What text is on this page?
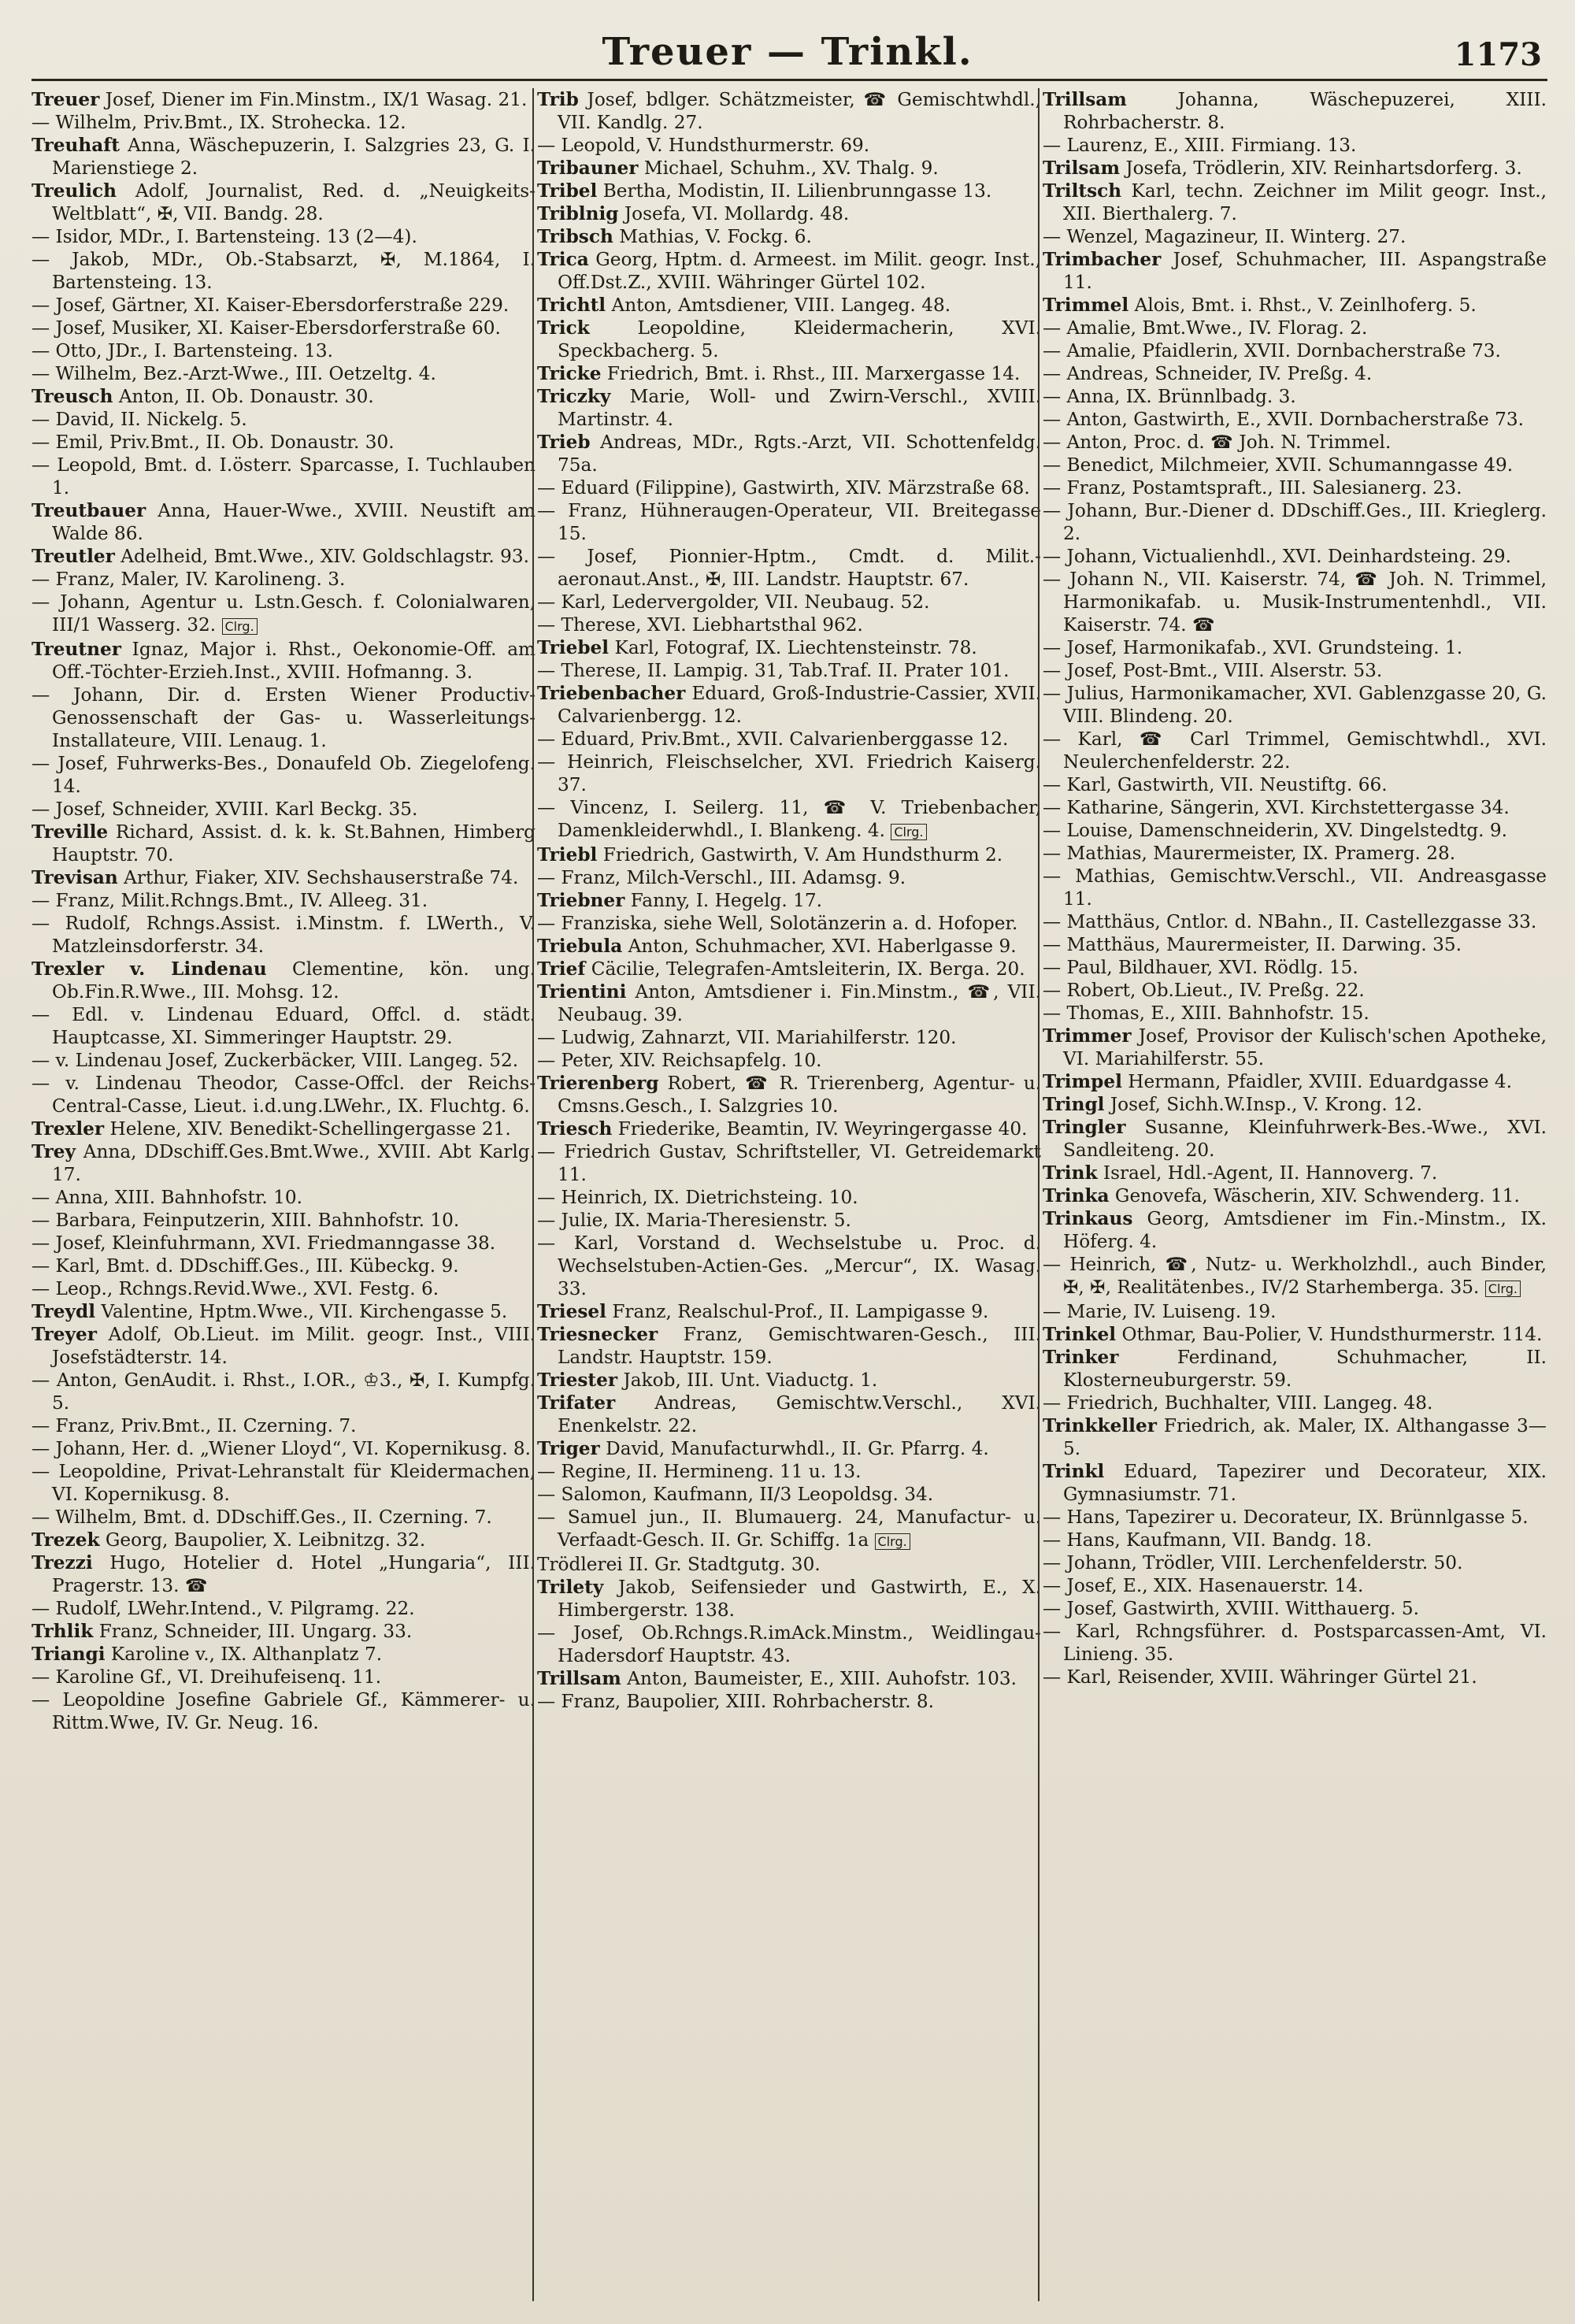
Treuer — Trinkl.	1173
Treuer Josef, Diener im Fin.Minstm., IX/1 Wasag. 21.
— Wilhelm, Priv.Bmt., IX. Strohecka. 12.
Treuhaft Anna, Wäschepuzerin, I. Salzgries 23, G. I. Marienstiege 2.
Treulich Adolf, Journalist, Red. d. „Neuigkeits-Weltblatt“, ✠, VII. Bandg. 28.
— Isidor, MDr., I. Bartensteing. 13 (2—4).
— Jakob, MDr., Ob.-Stabsarzt, ✠, M.1864, I. Bartensteing. 13.
— Josef, Gärtner, XI. Kaiser-Ebersdorferstraße 229.
— Josef, Musiker, XI. Kaiser-Ebersdorferstraße 60.
— Otto, JDr., I. Bartensteing. 13.
— Wilhelm, Bez.-Arzt-Wwe., III. Oetzeltg. 4.
Treusch Anton, II. Ob. Donaustr. 30.
— David, II. Nickelg. 5.
— Emil, Priv.Bmt., II. Ob. Donaustr. 30.
— Leopold, Bmt. d. I.österr. Sparcasse, I. Tuchlauben 1.
Treutbauer Anna, Hauer-Wwe., XVIII. Neustift am Walde 86.
Treutler Adelheid, Bmt.Wwe., XIV. Goldschlagstr. 93.
— Franz, Maler, IV. Karolineng. 3.
— Johann, Agentur u. Lstn.Gesch. f. Colonialwaren, III/1 Wasserg. 32. Clrg.
Treutner Ignaz, Major i. Rhst., Oekonomie-Off. am Off.-Töchter-Erzieh.Inst., XVIII. Hofmanng. 3.
— Johann, Dir. d. Ersten Wiener Productiv-Genossenschaft der Gas- u. Wasserleitungs-Installateure, VIII. Lenaug. 1.
— Josef, Fuhrwerks-Bes., Donaufeld Ob. Ziegelofeng. 14.
— Josef, Schneider, XVIII. Karl Beckg. 35.
Treville Richard, Assist. d. k. k. St.Bahnen, Himberg Hauptstr. 70.
Trevisan Arthur, Fiaker, XIV. Sechshauserstraße 74.
— Franz, Milit.Rchngs.Bmt., IV. Alleeg. 31.
— Rudolf, Rchngs.Assist. i.Minstm. f. LWerth., V. Matzleinsdorferstr. 34.
Trexler v. Lindenau Clementine, kön. ung. Ob.Fin.R.Wwe., III. Mohsg. 12.
— Edl. v. Lindenau Eduard, Offcl. d. städt. Hauptcasse, XI. Simmeringer Hauptstr. 29.
— v. Lindenau Josef, Zuckerbäcker, VIII. Langeg. 52.
— v. Lindenau Theodor, Casse-Offcl. der Reichs-Central-Casse, Lieut. i.d.ung.LWehr., IX. Fluchtg. 6.
Trexler Helene, XIV. Benedikt-Schellingergasse 21.
Trey Anna, DDschiff.Ges.Bmt.Wwe., XVIII. Abt Karlg. 17.
— Anna, XIII. Bahnhofstr. 10.
— Barbara, Feinputzerin, XIII. Bahnhofstr. 10.
— Josef, Kleinfuhrmann, XVI. Friedmanngasse 38.
— Karl, Bmt. d. DDschiff.Ges., III. Kübeckg. 9.
— Leop., Rchngs.Revid.Wwe., XVI. Festg. 6.
Treydl Valentine, Hptm.Wwe., VII. Kirchengasse 5.
Treyer Adolf, Ob.Lieut. im Milit. geogr. Inst., VIII. Josefstädterstr. 14.
— Anton, GenAudit. i. Rhst., I.OR., ♔3., ✠, I. Kumpfg. 5.
— Franz, Priv.Bmt., II. Czerning. 7.
— Johann, Her. d. „Wiener Lloyd“, VI. Kopernikusg. 8.
— Leopoldine, Privat-Lehranstalt für Kleidermachen, VI. Kopernikusg. 8.
— Wilhelm, Bmt. d. DDschiff.Ges., II. Czerning. 7.
Trezek Georg, Baupolier, X. Leibnitzg. 32.
Trezzi Hugo, Hotelier d. Hotel „Hungaria“, III. Pragerstr. 13. ☎
— Rudolf, LWehr.Intend., V. Pilgramg. 22.
Trhlik Franz, Schneider, III. Ungarg. 33.
Triangi Karoline v., IX. Althanplatz 7.
— Karoline Gf., VI. Dreihufeisenq. 11.
— Leopoldine Josefine Gabriele Gf., Kämmerer- u. Rittm.Wwe, IV. Gr. Neug. 16.
Trib Josef, bdlger. Schätzmeister, ☎ Gemischtwhdl., VII. Kandlg. 27.
— Leopold, V. Hundsthurmerstr. 69.
Tribauner Michael, Schuhm., XV. Thalg. 9.
Tribel Bertha, Modistin, II. Lilienbrunngasse 13.
Triblnig Josefa, VI. Mollardg. 48.
Tribsch Mathias, V. Fockg. 6.
Trica Georg, Hptm. d. Armeest. im Milit. geogr. Inst., Off.Dst.Z., XVIII. Währinger Gürtel 102.
Trichtl Anton, Amtsdiener, VIII. Langeg. 48.
Trick	Leopoldine, Kleidermacherin, XVI. Speckbacherg. 5.
Tricke Friedrich, Bmt. i. Rhst., III. Marxergasse 14.
Triczky Marie, Woll- und Zwirn-Verschl., XVIII. Martinstr. 4.
Trieb Andreas, MDr., Rgts.-Arzt, VII. Schottenfeldg. 75a.
— Eduard (Filippine), Gastwirth, XIV. Märzstraße 68.
— Franz, Hühneraugen-Operateur, VII. Breitegasse 15.
— Josef, Pionnier-Hptm., Cmdt. d. Milit.-aeronaut.Anst., ✠, III. Landstr. Hauptstr. 67.
— Karl, Ledervergolder, VII. Neubaug. 52.
— Therese, XVI. Liebhartsthal 962.
Triebel Karl, Fotograf, IX. Liechtensteinstr. 78.
— Therese, II. Lampig. 31, Tab.Traf. II. Prater 101.
Triebenbacher Eduard, Groß-Industrie-Cassier, XVII. Calvarienbergg. 12.
— Eduard, Priv.Bmt., XVII. Calvarienberggasse 12.
— Heinrich, Fleischselcher, XVI. Friedrich Kaiserg. 37.
— Vincenz, I. Seilerg. 11, ☎ V. Triebenbacher, Damenkleiderwhdl., I. Blankeng. 4. Clrg.
Triebl Friedrich, Gastwirth, V. Am Hundsthurm 2.
— Franz, Milch-Verschl., III. Adamsg. 9.
Triebner Fanny, I. Hegelg. 17.
— Franziska, siehe Well, Solotänzerin a. d. Hofoper.
Triebula Anton, Schuhmacher, XVI. Haberlgasse 9.
Trief Cäcilie, Telegrafen-Amtsleiterin, IX. Berga. 20.
Trientini Anton, Amtsdiener i. Fin.Minstm., ☎, VII. Neubaug. 39.
— Ludwig, Zahnarzt, VII. Mariahilferstr. 120.
— Peter, XIV. Reichsapfelg. 10.
Trierenberg Robert, ☎ R. Trierenberg, Agentur- u. Cmsns.Gesch., I. Salzgries 10.
Triesch Friederike, Beamtin, IV. Weyringergasse 40.
— Friedrich Gustav, Schriftsteller, VI. Getreidemarkt 11.
— Heinrich, IX. Dietrichsteing. 10.
— Julie, IX. Maria-Theresienstr. 5.
— Karl, Vorstand d. Wechselstube u. Proc. d. Wechselstuben-Actien-Ges. „Mercur“, IX. Wasag. 33.
Triesel Franz, Realschul-Prof., II. Lampigasse 9.
Triesnecker Franz, Gemischtwaren-Gesch., III. Landstr. Hauptstr. 159.
Triester Jakob, III. Unt. Viaductg. 1.
Trifater Andreas, Gemischtw.Verschl., XVI. Enenkelstr. 22.
Triger David, Manufacturwhdl., II. Gr. Pfarrg. 4.
— Regine, II. Hermineng. 11 u. 13.
— Salomon, Kaufmann, II/3 Leopoldsg. 34.
— Samuel jun., II. Blumauerg. 24, Manufactur- u. Verfaadt-Gesch. II. Gr. Schiffg. 1a Clrg.
Trödlerei II. Gr. Stadtgutg. 30.
Trilety Jakob, Seifensieder und Gastwirth, E., X. Himbergerstr. 138.
— Josef, Ob.Rchngs.R.imAck.Minstm., Weidlingau-Hadersdorf Hauptstr. 43.
Trillsam Anton, Baumeister, E., XIII. Auhofstr. 103.
— Franz, Baupolier, XIII. Rohrbacherstr. 8.
Trillsam	Johanna, Wäschepuzerei, XIII. Rohrbacherstr. 8.
— Laurenz, E., XIII. Firmiang. 13.
Trilsam Josefa, Trödlerin, XIV. Reinhartsdorferg. 3.
Triltsch Karl, techn. Zeichner im Milit geogr. Inst., XII. Bierthalerg. 7.
— Wenzel, Magazineur, II. Winterg. 27.
Trimbacher Josef, Schuhmacher, III. Aspangstraße 11.
Trimmel Alois, Bmt. i. Rhst., V. Zeinlhoferg. 5.
— Amalie, Bmt.Wwe., IV. Florag. 2.
— Amalie, Pfaidlerin, XVII. Dornbacherstraße 73.
— Andreas, Schneider, IV. Preßg. 4.
— Anna, IX. Brünnlbadg. 3.
— Anton, Gastwirth, E., XVII. Dornbacherstraße 73.
— Anton, Proc. d. ☎ Joh. N. Trimmel.
— Benedict, Milchmeier, XVII. Schumanngasse 49.
— Franz, Postamtspraft., III. Salesianerg. 23.
— Johann, Bur.-Diener d. DDschiff.Ges., III. Krieglerg. 2.
— Johann, Victualienhdl., XVI. Deinhardsteing. 29.
— Johann N., VII. Kaiserstr. 74, ☎ Joh. N. Trimmel, Harmonikafab. u. Musik-Instrumentenhdl., VII. Kaiserstr. 74. ☎
— Josef, Harmonikafab., XVI. Grundsteing. 1.
— Josef, Post-Bmt., VIII. Alserstr. 53.
— Julius, Harmonikamacher, XVI. Gablenzgasse 20, G. VIII. Blindeng. 20.
— Karl, ☎ Carl Trimmel, Gemischtwhdl., XVI. Neulerchenfelderstr. 22.
— Karl, Gastwirth, VII. Neustiftg. 66.
— Katharine, Sängerin, XVI. Kirchstettergasse 34.
— Louise, Damenschneiderin, XV. Dingelstedtg. 9.
— Mathias, Maurermeister, IX. Pramerg. 28.
— Mathias, Gemischtw.Verschl., VII. Andreasgasse 11.
— Matthäus, Cntlor. d. NBahn., II. Castellezgasse 33.
— Matthäus, Maurermeister, II. Darwing. 35.
— Paul, Bildhauer, XVI. Rödlg. 15.
— Robert, Ob.Lieut., IV. Preßg. 22.
— Thomas, E., XIII. Bahnhofstr. 15.
Trimmer Josef, Provisor der Kulisch'schen Apotheke, VI. Mariahilferstr. 55.
Trimpel Hermann, Pfaidler, XVIII. Eduardgasse 4.
Tringl Josef, Sichh.W.Insp., V. Krong. 12.
Tringler Susanne, Kleinfuhrwerk-Bes.-Wwe., XVI. Sandleiteng. 20.
Trink Israel, Hdl.-Agent, II. Hannoverg. 7.
Trinka Genovefa, Wäscherin, XIV. Schwenderg. 11.
Trinkaus Georg, Amtsdiener im Fin.-Minstm., IX. Höferg. 4.
— Heinrich, ☎, Nutz- u. Werkholzhdl., auch Binder, ✠, ✠, Realitätenbes., IV/2 Starhemberga. 35. Clrg.
— Marie, IV. Luiseng. 19.
Trinkel Othmar, Bau-Polier, V. Hundsthurmerstr. 114.
Trinker	Ferdinand, Schuhmacher, II. Klosterneuburgerstr. 59.
— Friedrich, Buchhalter, VIII. Langeg. 48.
Trinkkeller Friedrich, ak. Maler, IX. Althangasse 3—5.
Trinkl Eduard, Tapezirer und Decorateur, XIX. Gymnasiumstr. 71.
— Hans, Tapezirer u. Decorateur, IX. Brünnlgasse 5.
— Hans, Kaufmann, VII. Bandg. 18.
— Johann, Trödler, VIII. Lerchenfelderstr. 50.
— Josef, E., XIX. Hasenauerstr. 14.
— Josef, Gastwirth, XVIII. Witthauerg. 5.
— Karl, Rchngsführer. d. Postsparcassen-Amt, VI. Linieng. 35.
— Karl, Reisender, XVIII. Währinger Gürtel 21.
